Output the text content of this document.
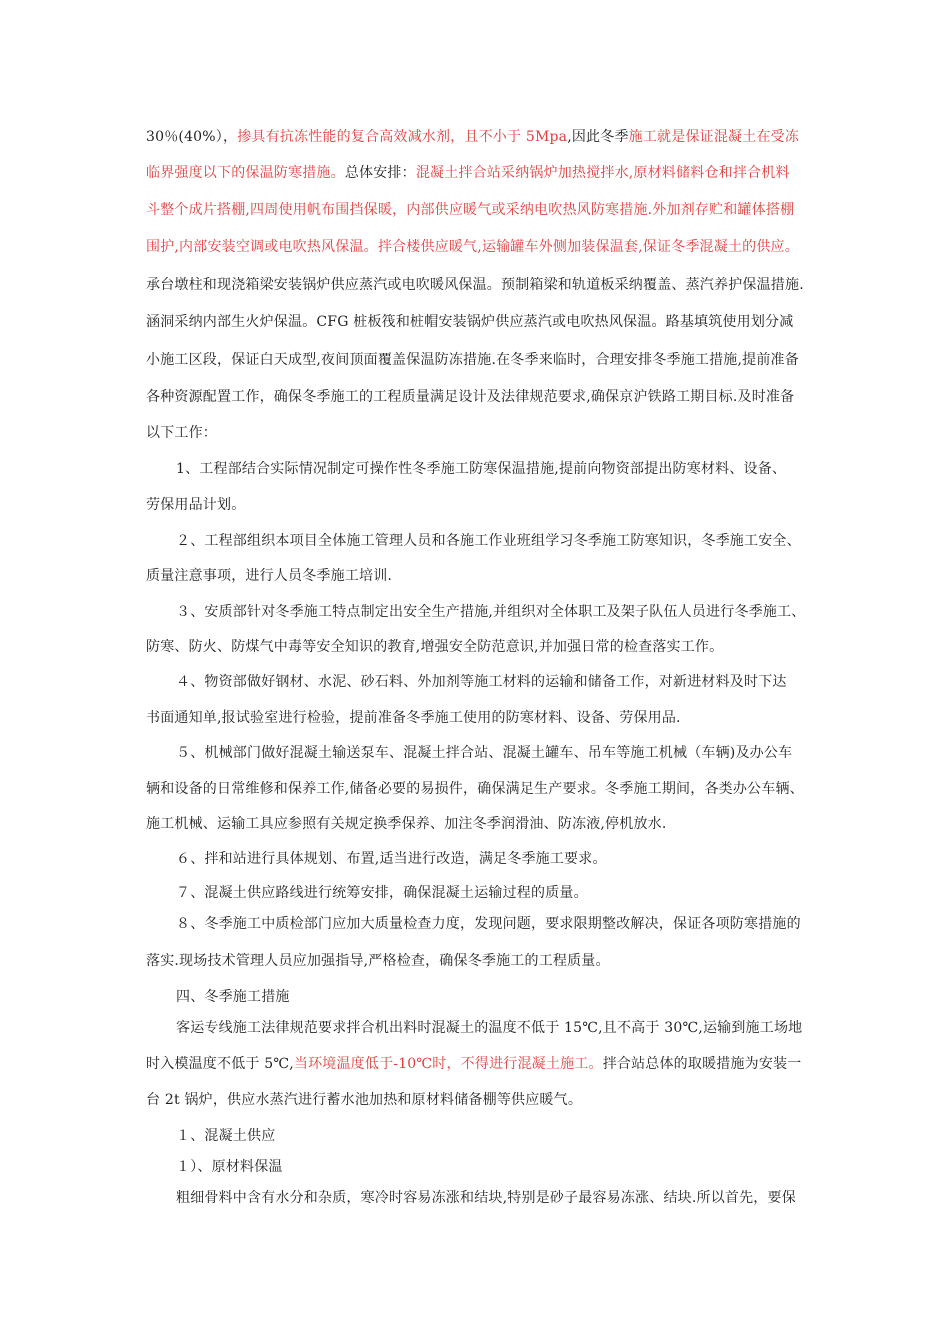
30％(40%），掺具有抗冻性能的复合高效减水剂，且不小于 5Mpa,因此冬季施工就是保证混凝土在受冻
临界强度以下的保温防寒措施。总体安排：混凝土拌合站采纳锅炉加热搅拌水,原材料储料仓和拌合机料
斗整个成片搭棚,四周使用帆布围挡保暖，内部供应暖气或采纳电吹热风防寒措施.外加剂存贮和罐体搭棚
围护,内部安装空调或电吹热风保温。拌合楼供应暖气,运输罐车外侧加装保温套,保证冬季混凝土的供应。
承台墩柱和现浇箱梁安装锅炉供应蒸汽或电吹暖风保温。预制箱梁和轨道板采纳覆盖、蒸汽养护保温措施.
涵洞采纳内部生火炉保温。CFG 桩板筏和桩帽安装锅炉供应蒸汽或电吹热风保温。路基填筑使用划分减
小施工区段，保证白天成型,夜间顶面覆盖保温防冻措施.在冬季来临时，合理安排冬季施工措施,提前准备
各种资源配置工作，确保冬季施工的工程质量满足设计及法律规范要求,确保京沪铁路工期目标.及时准备
以下工作：
1、工程部结合实际情况制定可操作性冬季施工防寒保温措施,提前向物资部提出防寒材料、设备、
劳保用品计划。
２、工程部组织本项目全体施工管理人员和各施工作业班组学习冬季施工防寒知识，冬季施工安全、
质量注意事项，进行人员冬季施工培训.
３、安质部针对冬季施工特点制定出安全生产措施,并组织对全体职工及架子队伍人员进行冬季施工、
防寒、防火、防煤气中毒等安全知识的教育,增强安全防范意识,并加强日常的检查落实工作。
４、物资部做好钢材、水泥、砂石料、外加剂等施工材料的运输和储备工作，对新进材料及时下达
书面通知单,报试验室进行检验，提前准备冬季施工使用的防寒材料、设备、劳保用品.
５、机械部门做好混凝土输送泵车、混凝土拌合站、混凝土罐车、吊车等施工机械（车辆)及办公车
辆和设备的日常维修和保养工作,储备必要的易损件，确保满足生产要求。冬季施工期间，各类办公车辆、
施工机械、运输工具应参照有关规定换季保养、加注冬季润滑油、防冻液,停机放水.
６、拌和站进行具体规划、布置,适当进行改造，满足冬季施工要求。
７、混凝土供应路线进行统筹安排，确保混凝土运输过程的质量。
８、冬季施工中质检部门应加大质量检查力度，发现问题，要求限期整改解决，保证各项防寒措施的
落实.现场技术管理人员应加强指导,严格检查，确保冬季施工的工程质量。
四、冬季施工措施
客运专线施工法律规范要求拌合机出料时混凝土的温度不低于 15℃,且不高于 30℃,运输到施工场地
时入模温度不低于 5℃,当环境温度低于-10℃时，不得进行混凝土施工。拌合站总体的取暖措施为安装一
台 2t 锅炉，供应水蒸汽进行蓄水池加热和原材料储备棚等供应暖气。
１、混凝土供应
１）、原材料保温
粗细骨料中含有水分和杂质，寒冷时容易冻涨和结块,特别是砂子最容易冻涨、结块.所以首先，要保
